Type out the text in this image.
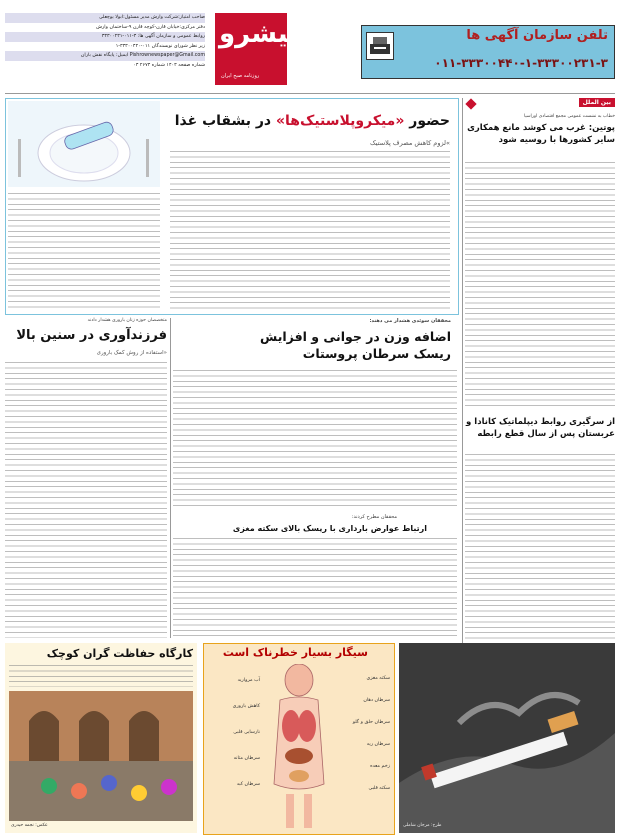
تلفن سازمان آگهی ها
۰۱۱-۳۳۳۰۰۴۴۰-۱-۳۳۳۰۰۲۳۱-۳
پیشرو
روزنامه صبح ایران
صاحب امتیاز:شرکت وارش مدیر مسئول:ابولا یوچعلی
دفتر مرکزی:خیابان قارن-کوچه قارن ۹-ساختمان وارش
روابط عمومی و سازمان آگهی ها: ۳-۰۱۱-۳۳۳۰۰۲۳۱
زیر نظر شورای نویسندگان ۰۱۱-۳۳۳۰۰۴۴۰-۱
Pishrownewspaper@Gmail.com ایمیل: پایگاه نقش باران
شماره صفحه ۱۴۰۳ شماره ۲۶۷۳ ۰۳
بین الملل
خطاب به نشست عمومی مجمع اقتصادی اوراسیا
پوتین: غرب می کوشد مانع همکاری سایر کشورها با روسیه شود
از سرگیری روابط دیپلماتیک کانادا و عربستان پس از سال قطع رابطه
حضور «میکروپلاستیک‌ها» در بشقاب غذا
»لزوم کاهش مصرف پلاستیک
محققان سوئدی هشدار می دهند:
اضافه وزن در جوانی و افزایش ریسک سرطان پروستات
محققان مطرح کردند:
ارتباط عوارض بارداری با ریسک بالای سکته مغزی
متخصصان حوزه زنان باروری هشدار دادند
فرزندآوری در سنین بالا
«استفاده از روش کمک باروری
کارگاه حفاظت گران کوچک
عکس: نجمه حیدری
سیگار بسیار خطرناک است
سکته مغزی
سرطان دهان
سرطان حلق و گلو
سرطان ریه
زخم معده
سکته قلبی
آب مروارید
کاهش باروری
نارسایی قلبی
سرطان مثانه
سرطان کبد
طرح: مرجان شاملی
